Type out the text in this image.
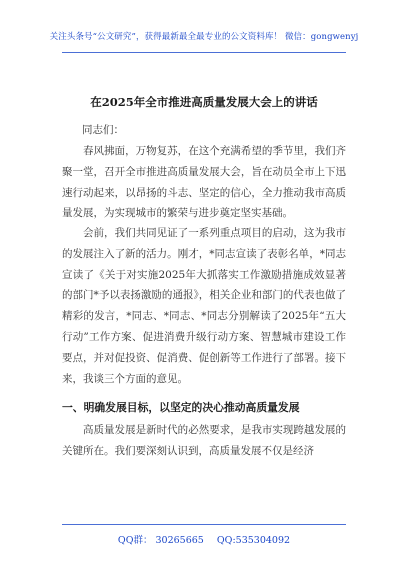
关注头条号“公文研究”，获得最新最全最专业的公文资料库！ 微信：gongwenyj
在2025年全市推进高质量发展大会上的讲话
同志们：
春风拂面，万物复苏，在这个充满希望的季节里，我们齐聚一堂，召开全市推进高质量发展大会，旨在动员全市上下迅速行动起来，以昂扬的斗志、坚定的信心，全力推动我市高质量发展，为实现城市的繁荣与进步奠定坚实基础。
会前，我们共同见证了一系列重点项目的启动，这为我市的发展注入了新的活力。刚才，*同志宣读了表彰名单，*同志宣读了《关于对实施2025年大抓落实工作激励措施成效显著的部门*予以表扬激励的通报》，相关企业和部门的代表也做了精彩的发言，*同志、*同志、*同志分别解读了2025年“五大行动”工作方案、促进消费升级行动方案、智慧城市建设工作要点，并对促投资、促消费、促创新等工作进行了部署。接下来，我谈三个方面的意见。
一、明确发展目标，以坚定的决心推动高质量发展
高质量发展是新时代的必然要求，是我市实现跨越发展的关键所在。我们要深刻认识到，高质量发展不仅是经济
QQ群： 30265665 QQ:535304092
